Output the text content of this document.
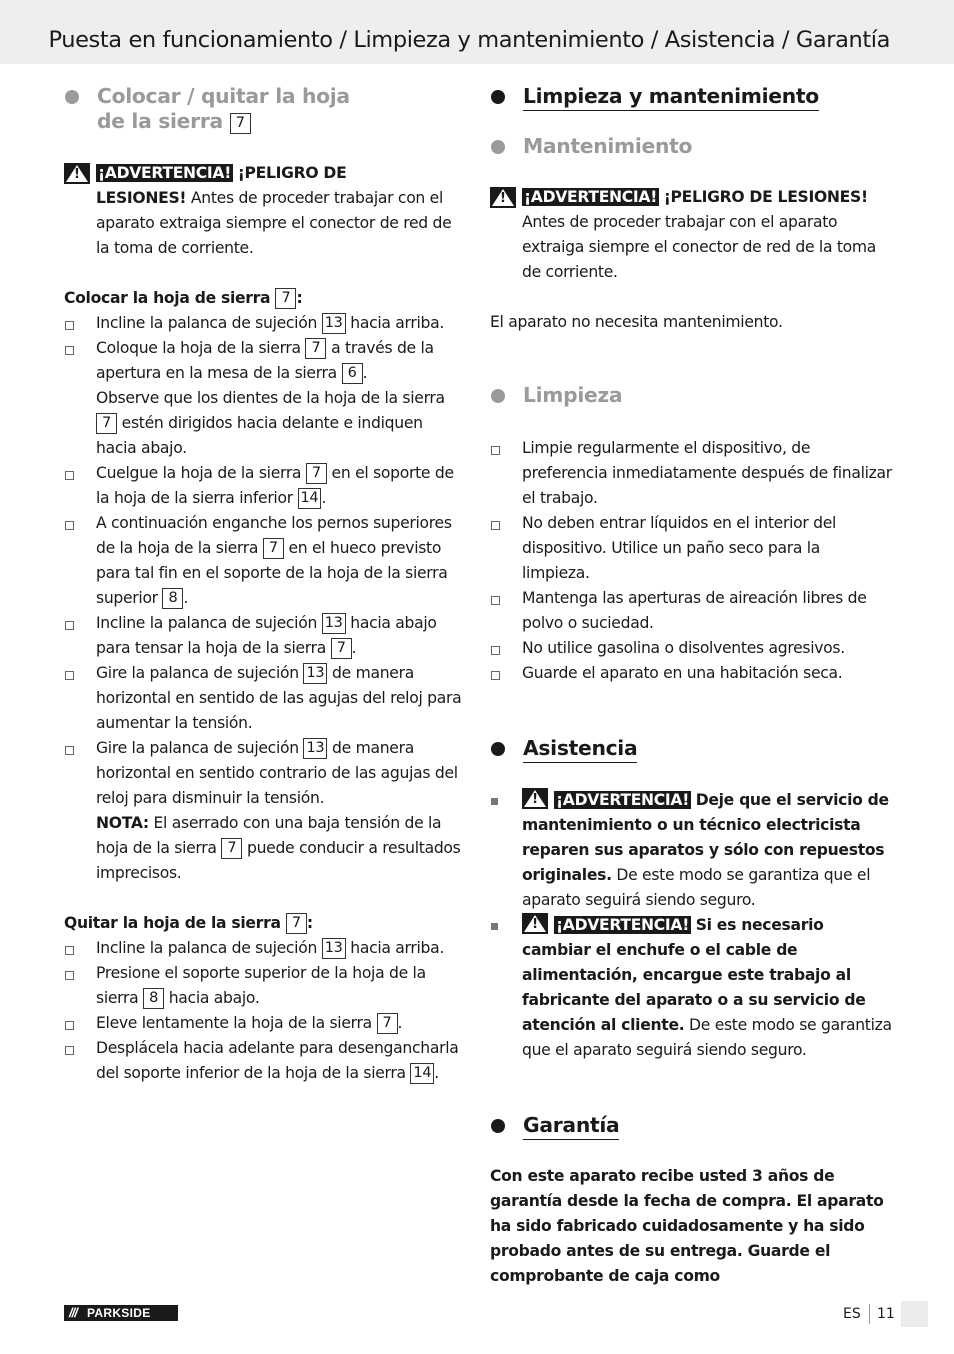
Puesta en funcionamiento / Limpieza y mantenimiento / Asistencia / Garantía
Colocar / quitar la hoja
de la sierra 7
!

¡ADVERTENCIA! ¡PELIGRO DE
LESIONES! Antes de proceder trabajar con el aparato extraiga siempre el conector de red de la toma de corriente.

Colocar la hoja de sierra 7 :

Incline la palanca de sujeción 13 hacia arriba.
Coloque la hoja de la sierra 7 a través de la apertura en la mesa de la sierra 6 .
Observe que los dientes de la hoja de la sierra 7 estén dirigidos hacia delante e indiquen hacia abajo.
Cuelgue la hoja de la sierra 7 en el soporte de la hoja de la sierra inferior 14 .
A continuación enganche los pernos superiores de la hoja de la sierra 7 en el hueco previsto para tal fin en el soporte de la hoja de la sierra superior 8 .
Incline la palanca de sujeción 13 hacia abajo para tensar la hoja de la sierra 7 .
Gire la palanca de sujeción 13 de manera horizontal en sentido de las agujas del reloj para aumentar la tensión.
Gire la palanca de sujeción 13 de manera horizontal en sentido contrario de las agujas del reloj para disminuir la tensión.
NOTA: El aserrado con una baja tensión de la hoja de la sierra 7 puede conducir a resultados imprecisos.

Quitar la hoja de la sierra 7 :

Incline la palanca de sujeción 13 hacia arriba.
Presione el soporte superior de la hoja de la sierra 8 hacia abajo.
Eleve lentamente la hoja de la sierra 7 .
Desplácela hacia adelante para desengancharla del soporte inferior de la hoja de la sierra 14 .
Limpieza y mantenimiento
Mantenimiento
!

¡ADVERTENCIA! ¡PELIGRO DE LESIONES!
Antes de proceder trabajar con el aparato extraiga siempre el conector de red de la toma de corriente.

El aparato no necesita mantenimiento.

Limpieza
Limpie regularmente el dispositivo, de preferencia inmediatamente después de finalizar el trabajo.
No deben entrar líquidos en el interior del dispositivo. Utilice un paño seco para la limpieza.
Mantenga las aperturas de aireación libres de polvo o suciedad.
No utilice gasolina o disolventes agresivos.
Guarde el aparato en una habitación seca.
Asistencia
!¡ADVERTENCIA! Deje que el servicio de mantenimiento o un técnico electricista reparen sus aparatos y sólo con repuestos originales. De este modo se garantiza que el aparato seguirá siendo seguro.
!¡ADVERTENCIA! Si es necesario cambiar el enchufe o el cable de alimentación, encargue este trabajo al fabricante del aparato o a su servicio de atención al cliente. De este modo se garantiza que el aparato seguirá siendo seguro.
Garantía

Con este aparato recibe usted 3 años de garantía desde la fecha de compra. El aparato ha sido fabricado cuidadosamente y ha sido probado antes de su entrega. Guarde el comprobante de caja como

/// PARKSIDE	ES 11
